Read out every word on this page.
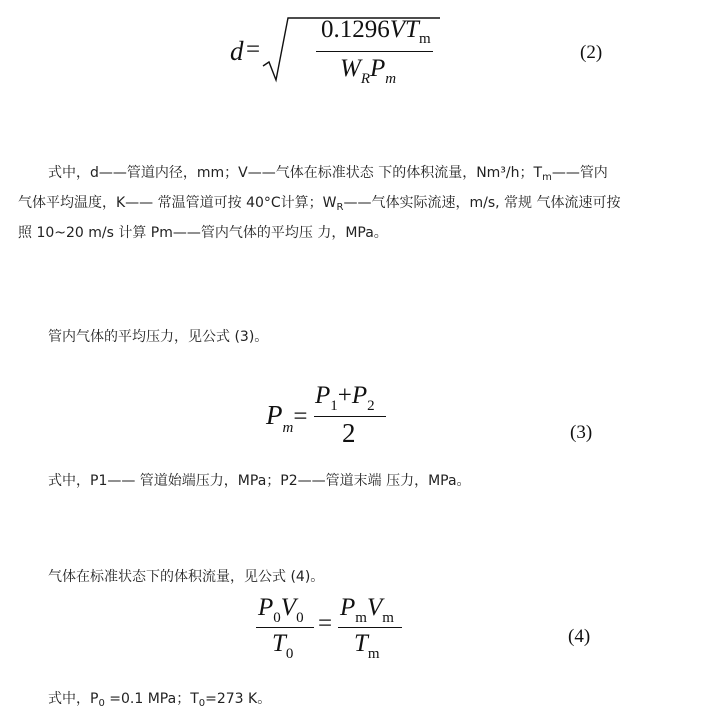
d =
$0.1296VT_m$
$W_RP_m$
(2)
式中，d——管道内径，mm；V——气体在标准状态 下的体积流量，Nm³/h；$T_m——$管内
气体平均温度，K—— 常温管道可按 40°C计算；$W_R——$气体实际流速，m/s, 常规 气体流速可按
照 10~20 m/s 计算 Pm——管内气体的平均压 力，MPa。
管内气体的平均压力，见公式 (3)。
$P_m=$
$P_1+P_2$
2	(3)
式中，P1—— 管道始端压力，MPa；P2——管道末端 压力，MPa。
气体在标准状态下的体积流量，见公式 (4)。
$P_0V_0$
$T_0$
=
$P_mV_m$
$T_m$
(4)
式中，$P_0 =0.1$ MPa；$T_0=273$ K。
